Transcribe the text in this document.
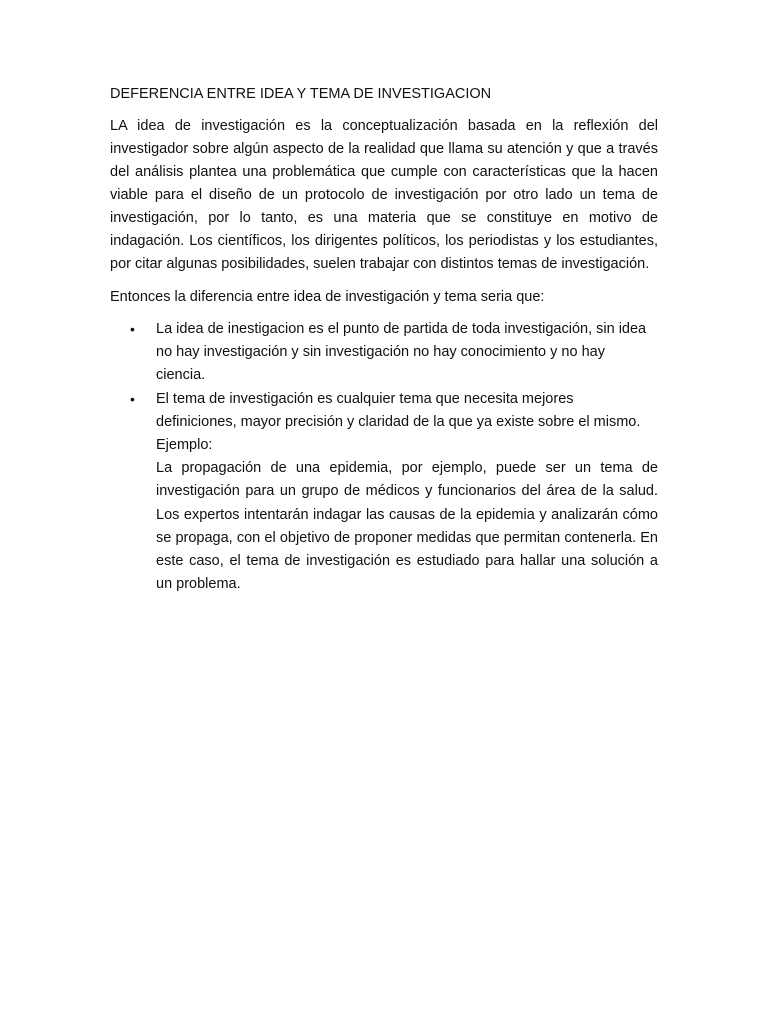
DEFERENCIA ENTRE IDEA Y TEMA DE INVESTIGACION

LA idea de investigación es la conceptualización basada en la reflexión del investigador sobre algún aspecto de la realidad que llama su atención y que a través del análisis plantea una problemática que cumple con características que la hacen viable para el diseño de un protocolo de investigación por otro lado un tema de investigación, por lo tanto, es una materia que se constituye en motivo de indagación. Los científicos, los dirigentes políticos, los periodistas y los estudiantes, por citar algunas posibilidades, suelen trabajar con distintos temas de investigación.

Entonces la diferencia entre idea de investigación y tema seria que:

• La idea de inestigacion es el punto de partida de toda investigación, sin idea no hay investigación y sin investigación no hay conocimiento y no hay ciencia.
• El tema de investigación es cualquier tema que necesita mejores definiciones, mayor precisión y claridad de la que ya existe sobre el mismo.
Ejemplo:
La propagación de una epidemia, por ejemplo, puede ser un tema de investigación para un grupo de médicos y funcionarios del área de la salud. Los expertos intentarán indagar las causas de la epidemia y analizarán cómo se propaga, con el objetivo de proponer medidas que permitan contenerla. En este caso, el tema de investigación es estudiado para hallar una solución a un problema.
